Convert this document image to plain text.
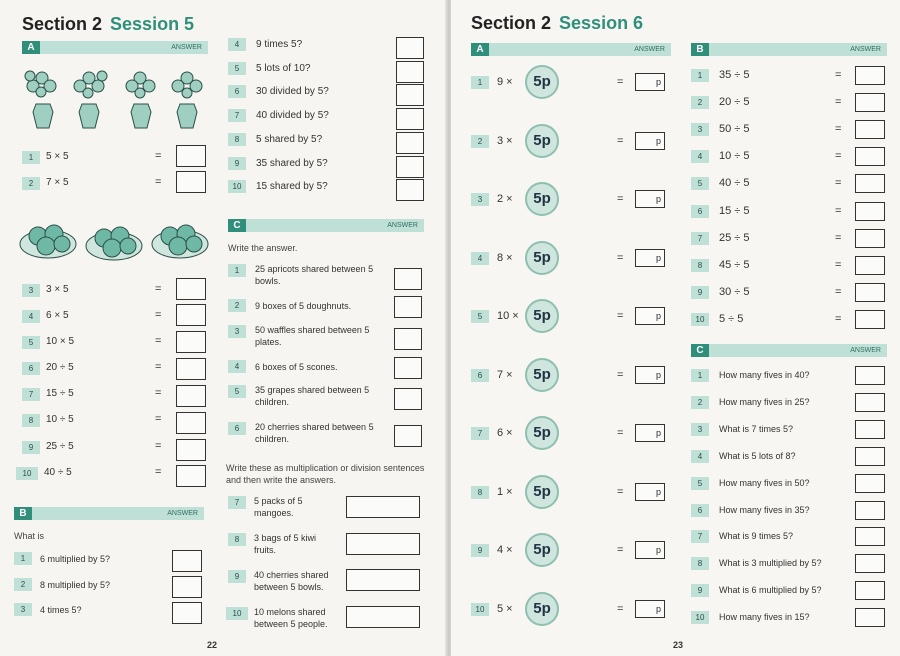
Section 2 Session 5
A	ANSWER
1	5 × 5	=
2	7 × 5	=
3	3 × 5	=
4	6 × 5	=
5	10 × 5	=
6	20 ÷ 5	=
7	15 ÷ 5	=
8	10 ÷ 5	=
9	25 ÷ 5	=
10	40 ÷ 5	=
B	ANSWER
What is
1	6 multiplied by 5?
2	8 multiplied by 5?
3	4 times 5?
4	9 times 5?
5	5 lots of 10?
6	30 divided by 5?
7	40 divided by 5?
8	5 shared by 5?
9	35 shared by 5?
10	15 shared by 5?
C	ANSWER
Write the answer.
1	25 apricots shared between 5 bowls.
2	9 boxes of 5 doughnuts.
3	50 waffles shared between 5 plates.
4	6 boxes of 5 scones.
5	35 grapes shared between 5 children.
6	20 cherries shared between 5 children.
Write these as multiplication or division sentences and then write the answers.
7	5 packs of 5 mangoes.
8	3 bags of 5 kiwi fruits.
9	40 cherries shared between 5 bowls.
10	10 melons shared between 5 people.
22
Section 2 Session 6
A	ANSWER	B	ANSWER
C	ANSWER
23
1	9 ×	5p	=	p
2	3 ×	5p	=	p
3	2 ×	5p	=	p
4	8 ×	5p	=	p
5	10 × 5p	=	p
6	7 ×	5p	=	p
7	6 ×	5p	=	p
8	1 ×	5p	=	p
9	4 ×	5p	=	p
10	5 ×	5p	=	p
1	35 ÷ 5	=
2	20 ÷ 5	=
3	50 ÷ 5	=
4	10 ÷ 5	=
5	40 ÷ 5	=
6	15 ÷ 5	=
7	25 ÷ 5	=
8	45 ÷ 5	=
9	30 ÷ 5	=
10	5 ÷ 5	=
1	How many fives in 40?
2	How many fives in 25?
3	What is 7 times 5?
4	What is 5 lots of 8?
5	How many fives in 50?
6	How many fives in 35?
7	What is 9 times 5?
8	What is 3 multiplied by 5?
9	What is 6 multiplied by 5?
10	How many fives in 15?
